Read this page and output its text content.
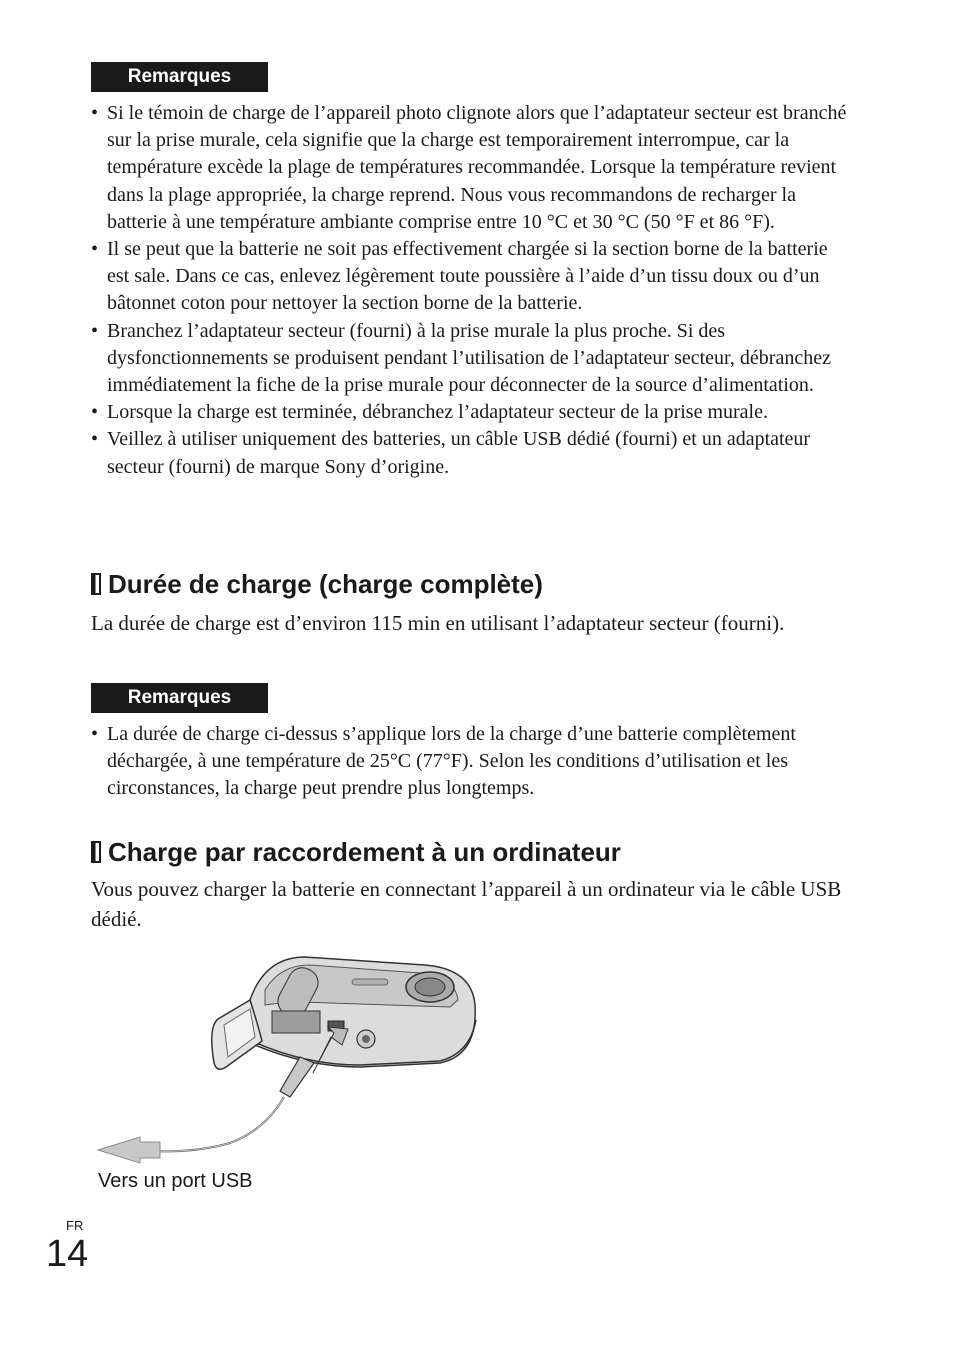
Remarques
• Si le témoin de charge de l’appareil photo clignote alors que l’adaptateur secteur est branché sur la prise murale, cela signifie que la charge est temporairement interrompue, car la température excède la plage de températures recommandée. Lorsque la température revient dans la plage appropriée, la charge reprend. Nous vous recommandons de recharger la batterie à une température ambiante comprise entre 10 °C et 30 °C (50 °F et 86 °F).
• Il se peut que la batterie ne soit pas effectivement chargée si la section borne de la batterie est sale. Dans ce cas, enlevez légèrement toute poussière à l’aide d’un tissu doux ou d’un bâtonnet coton pour nettoyer la section borne de la batterie.
• Branchez l’adaptateur secteur (fourni) à la prise murale la plus proche. Si des dysfonctionnements se produisent pendant l’utilisation de l’adaptateur secteur, débranchez immédiatement la fiche de la prise murale pour déconnecter de la source d’alimentation.
• Lorsque la charge est terminée, débranchez l’adaptateur secteur de la prise murale.
• Veillez à utiliser uniquement des batteries, un câble USB dédié (fourni) et un adaptateur secteur (fourni) de marque Sony d’origine.
Durée de charge (charge complète)

La durée de charge est d’environ 115 min en utilisant l’adaptateur secteur (fourni).

Remarques
• La durée de charge ci-dessus s’applique lors de la charge d’une batterie complètement déchargée, à une température de 25°C (77°F). Selon les conditions d’utilisation et les circonstances, la charge peut prendre plus longtemps.
Charge par raccordement à un ordinateur

Vous pouvez charger la batterie en connectant l’appareil à un ordinateur via le câble USB dédié.

Vers un port USB
FR
14
